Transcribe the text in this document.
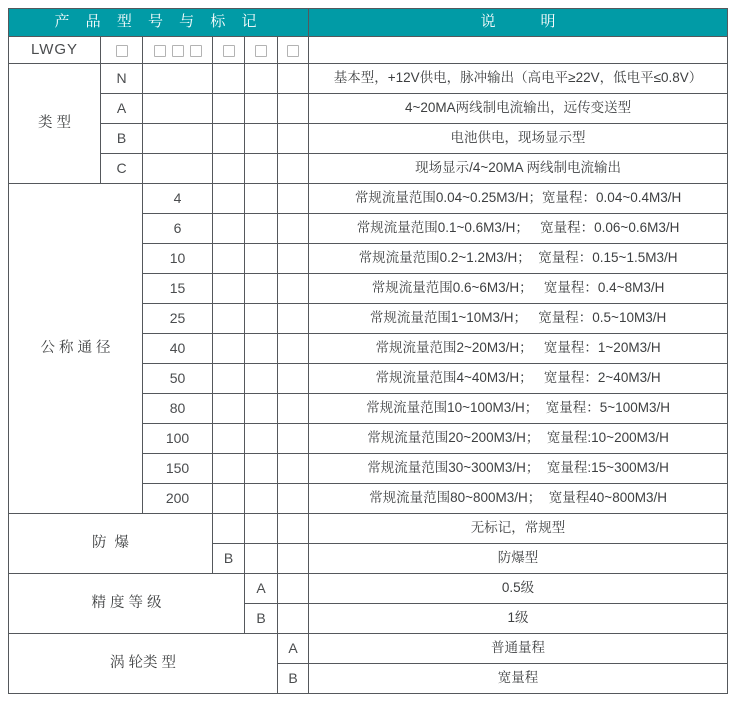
产 品 型 号 与 标 记						说　　　明
LWGY						
类 型	N					基本型，+12V供电，脉冲输出（高电平≥22V，低电平≤0.8V）
	A					4~20MA两线制电流输出，远传变送型
	B					电池供电，现场显示型
	C					现场显示/4~20MA 两线制电流输出
公 称 通 径		4				常规流量范围0.04~0.25M3/H；宽量程：0.04~0.4M3/H
		6				常规流量范围0.1~0.6M3/H；   宽量程：0.06~0.6M3/H
		10				常规流量范围0.2~1.2M3/H；  宽量程：0.15~1.5M3/H
		15				常规流量范围0.6~6M3/H；   宽量程：0.4~8M3/H
		25				常规流量范围1~10M3/H；   宽量程：0.5~10M3/H
		40				常规流量范围2~20M3/H；   宽量程：1~20M3/H
		50				常规流量范围4~40M3/H；   宽量程：2~40M3/H
		80				常规流量范围10~100M3/H；  宽量程：5~100M3/H
		100				常规流量范围20~200M3/H；  宽量程:10~200M3/H
		150				常规流量范围30~300M3/H；  宽量程:15~300M3/H
		200				常规流量范围80~800M3/H；  宽量程40~800M3/H
防  爆						无标记，常规型
			B			防爆型
精 度 等 级				A		0.5级
				B		1级
涡 轮类 型					A	普通量程
					B	宽量程
